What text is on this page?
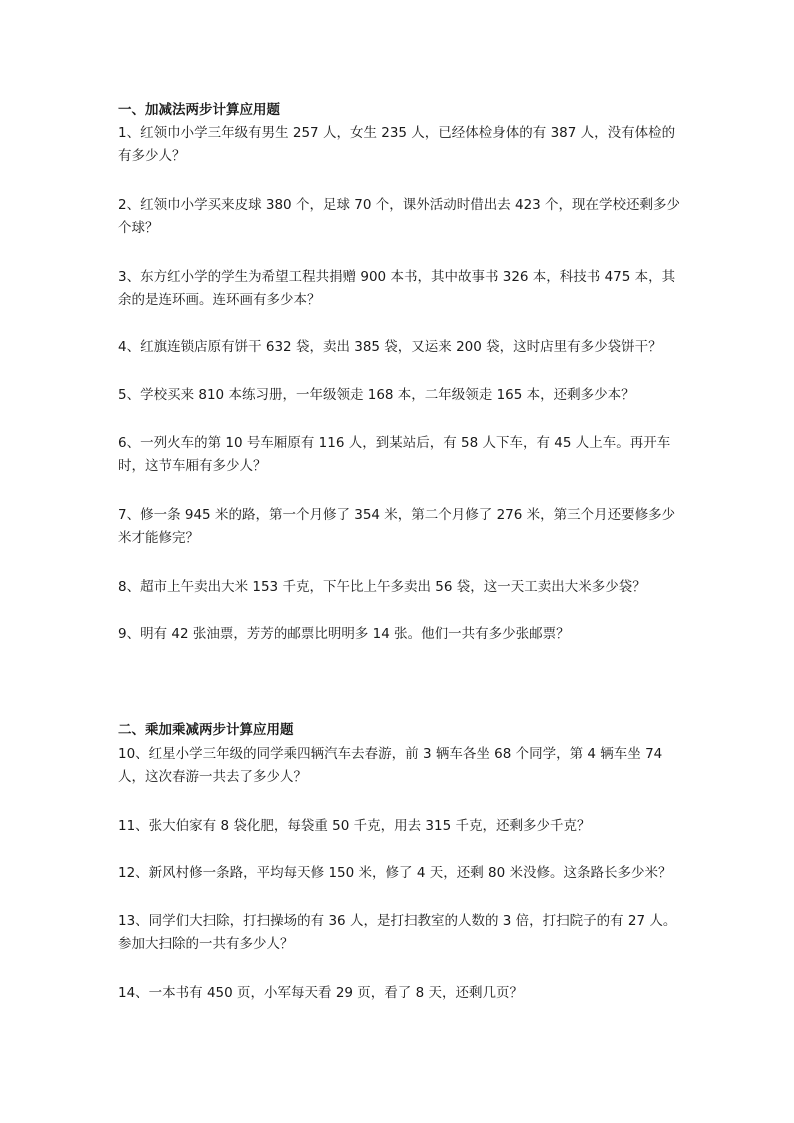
一、加减法两步计算应用题

1、红领巾小学三年级有男生 257 人，女生 235 人，已经体检身体的有 387 人，没有体检的有多少人？

2、红领巾小学买来皮球 380 个，足球 70 个，课外活动时借出去 423 个，现在学校还剩多少个球？

3、东方红小学的学生为希望工程共捐赠 900 本书，其中故事书 326 本，科技书 475 本，其余的是连环画。连环画有多少本？

4、红旗连锁店原有饼干 632 袋，卖出 385 袋，又运来 200 袋，这时店里有多少袋饼干？

5、学校买来 810 本练习册，一年级领走 168 本，二年级领走 165 本，还剩多少本？

6、一列火车的第 10 号车厢原有 116 人，到某站后，有 58 人下车，有 45 人上车。再开车时，这节车厢有多少人？

7、修一条 945 米的路，第一个月修了 354 米，第二个月修了 276 米，第三个月还要修多少米才能修完？

8、超市上午卖出大米 153 千克，下午比上午多卖出 56 袋，这一天工卖出大米多少袋？

9、明有 42 张油票，芳芳的邮票比明明多 14 张。他们一共有多少张邮票？

二、乘加乘减两步计算应用题

10、红星小学三年级的同学乘四辆汽车去春游，前 3 辆车各坐 68 个同学，第 4 辆车坐 74 人，这次春游一共去了多少人？

11、张大伯家有 8 袋化肥，每袋重 50 千克，用去 315 千克，还剩多少千克？

12、新风村修一条路，平均每天修 150 米，修了 4 天，还剩 80 米没修。这条路长多少米？

13、同学们大扫除，打扫操场的有 36 人，是打扫教室的人数的 3 倍，打扫院子的有 27 人。参加大扫除的一共有多少人？

14、一本书有 450 页，小军每天看 29 页，看了 8 天，还剩几页？
